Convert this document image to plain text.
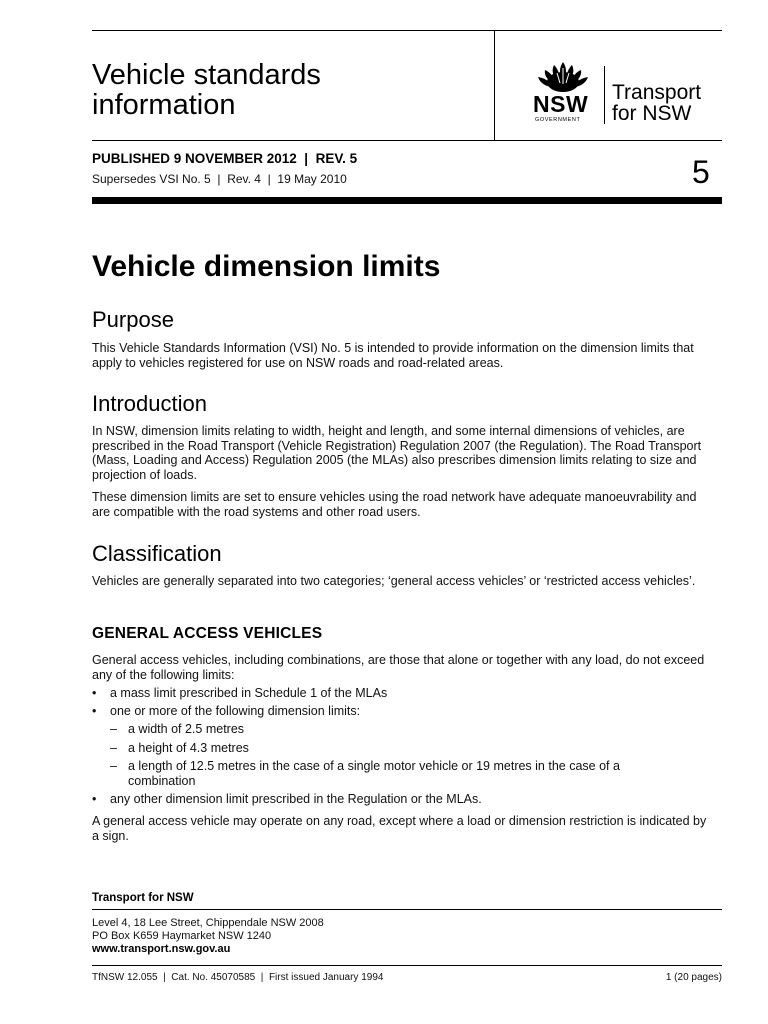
Vehicle standards
information	NSW
GOVERNMENT
Transport
for NSW
PUBLISHED 9 NOVEMBER 2012  |  REV. 5
Supersedes VSI No. 5  |  Rev. 4  |  19 May 2010	5
Vehicle dimension limits
Purpose
This Vehicle Standards Information (VSI) No. 5 is intended to provide information on the dimension limits that apply to vehicles registered for use on NSW roads and road-related areas.
Introduction
In NSW, dimension limits relating to width, height and length, and some internal dimensions of vehicles, are prescribed in the Road Transport (Vehicle Registration) Regulation 2007 (the Regulation). The Road Transport (Mass, Loading and Access) Regulation 2005 (the MLAs) also prescribes dimension limits relating to size and projection of loads.
These dimension limits are set to ensure vehicles using the road network have adequate manoeuvrability and are compatible with the road systems and other road users.
Classification
Vehicles are generally separated into two categories; ‘general access vehicles’ or ‘restricted access vehicles’.
GENERAL ACCESS VEHICLES
General access vehicles, including combinations, are those that alone or together with any load, do not exceed any of the following limits:
•	a mass limit prescribed in Schedule 1 of the MLAs
•	one or more of the following dimension limits:
– a width of 2.5 metres
– a height of 4.3 metres
– a length of 12.5 metres in the case of a single motor vehicle or 19 metres in the case of a combination
•	any other dimension limit prescribed in the Regulation or the MLAs.
A general access vehicle may operate on any road, except where a load or dimension restriction is indicated by a sign.
Transport for NSW
Level 4, 18 Lee Street, Chippendale NSW 2008
PO Box K659 Haymarket NSW 1240
www.transport.nsw.gov.au
TfNSW 12.055  |  Cat. No. 45070585  |  First issued January 1994	1 (20 pages)
